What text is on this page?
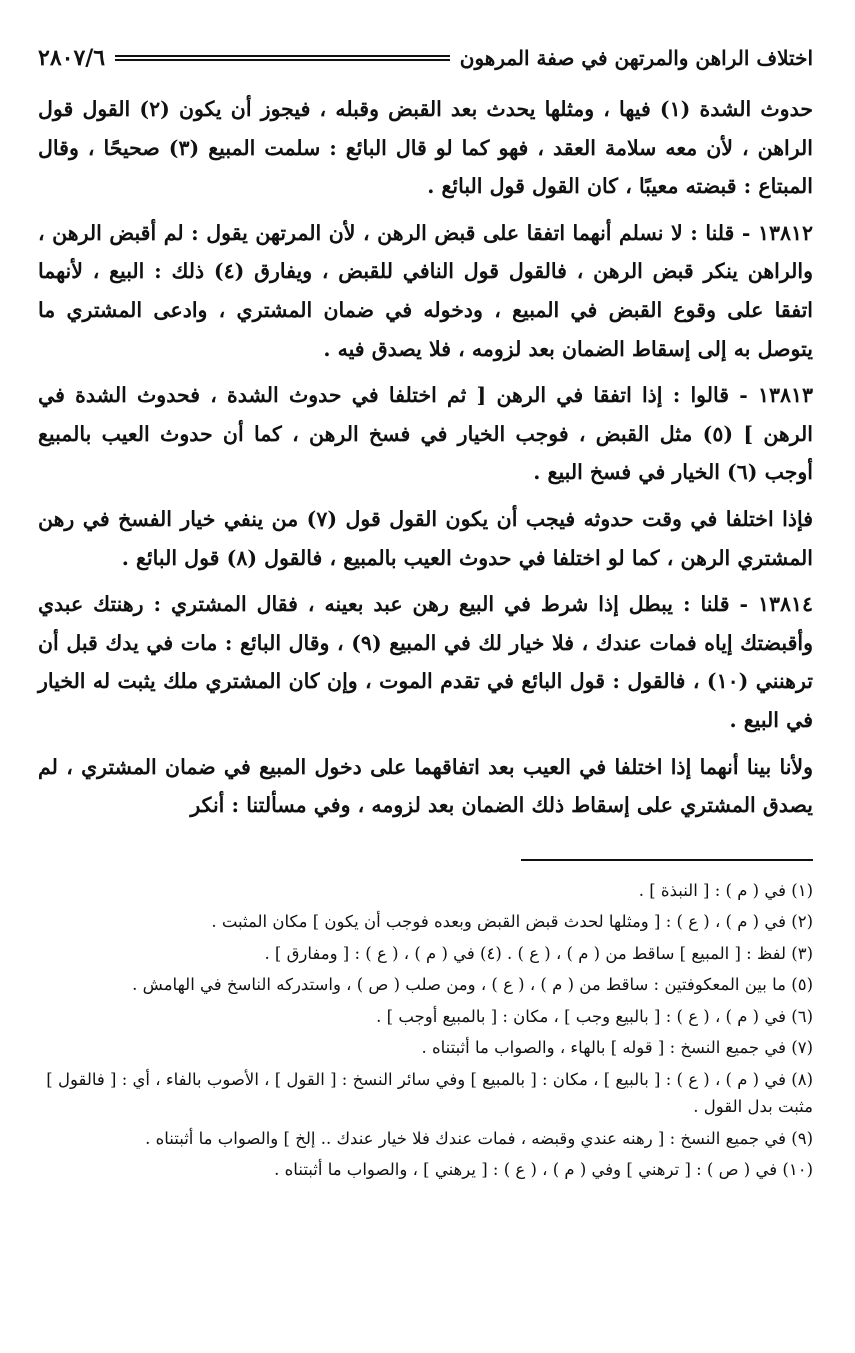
اختلاف الراهن والمرتهن في صفة المرهون
٢٨٠٧/٦

حدوث الشدة (١) فيها ، ومثلها يحدث بعد القبض وقبله ، فيجوز أن يكون (٢) القول قول الراهن ، لأن معه سلامة العقد ، فهو كما لو قال البائع : سلمت المبيع (٣) صحيحًا ، وقال المبتاع : قبضته معيبًا ، كان القول قول البائع .

١٣٨١٢ - قلنا : لا نسلم أنهما اتفقا على قبض الرهن ، لأن المرتهن يقول : لم أقبض الرهن ، والراهن ينكر قبض الرهن ، فالقول قول النافي للقبض ، ويفارق (٤) ذلك : البيع ، لأنهما اتفقا على وقوع القبض في المبيع ، ودخوله في ضمان المشتري ، وادعى المشتري ما يتوصل به إلى إسقاط الضمان بعد لزومه ، فلا يصدق فيه .

١٣٨١٣ - قالوا : إذا اتفقا في الرهن [ ثم اختلفا في حدوث الشدة ، فحدوث الشدة في الرهن ] (٥) مثل القبض ، فوجب الخيار في فسخ الرهن ، كما أن حدوث العيب بالمبيع أوجب (٦) الخيار في فسخ البيع .

فإذا اختلفا في وقت حدوثه فيجب أن يكون القول قول (٧) من ينفي خيار الفسخ في رهن المشتري الرهن ، كما لو اختلفا في حدوث العيب بالمبيع ، فالقول (٨) قول البائع .

١٣٨١٤ - قلنا : يبطل إذا شرط في البيع رهن عبد بعينه ، فقال المشتري : رهنتك عبدي وأقبضتك إياه فمات عندك ، فلا خيار لك في المبيع (٩) ، وقال البائع : مات في يدك قبل أن ترهنني (١٠) ، فالقول : قول البائع في تقدم الموت ، وإن كان المشتري ملك يثبت له الخيار في البيع .

ولأنا بينا أنهما إذا اختلفا في العيب بعد اتفاقهما على دخول المبيع في ضمان المشتري ، لم يصدق المشتري على إسقاط ذلك الضمان بعد لزومه ، وفي مسألتنا : أنكر

(١) في ( م ) : [ النبذة ] .

(٢) في ( م ) ، ( ع ) : [ ومثلها لحدث قبض القبض وبعده فوجب أن يكون ] مكان المثبت .

(٣) لفظ : [ المبيع ] ساقط من ( م ) ، ( ع ) . (٤) في ( م ) ، ( ع ) : [ ومفارق ] .

(٥) ما بين المعكوفتين : ساقط من ( م ) ، ( ع ) ، ومن صلب ( ص ) ، واستدركه الناسخ في الهامش .

(٦) في ( م ) ، ( ع ) : [ بالبيع وجب ] ، مكان : [ بالمبيع أوجب ] .

(٧) في جميع النسخ : [ قوله ] بالهاء ، والصواب ما أثبتناه .

(٨) في ( م ) ، ( ع ) : [ بالبيع ] ، مكان : [ بالمبيع ] وفي سائر النسخ : [ القول ] ، الأصوب بالفاء ، أي : [ فالقول ] مثبت بدل القول .

(٩) في جميع النسخ : [ رهنه عندي وقبضه ، فمات عندك فلا خيار عندك .. إلخ ] والصواب ما أثبتناه .

(١٠) في ( ص ) : [ ترهني ] وفي ( م ) ، ( ع ) : [ يرهني ] ، والصواب ما أثبتناه .
